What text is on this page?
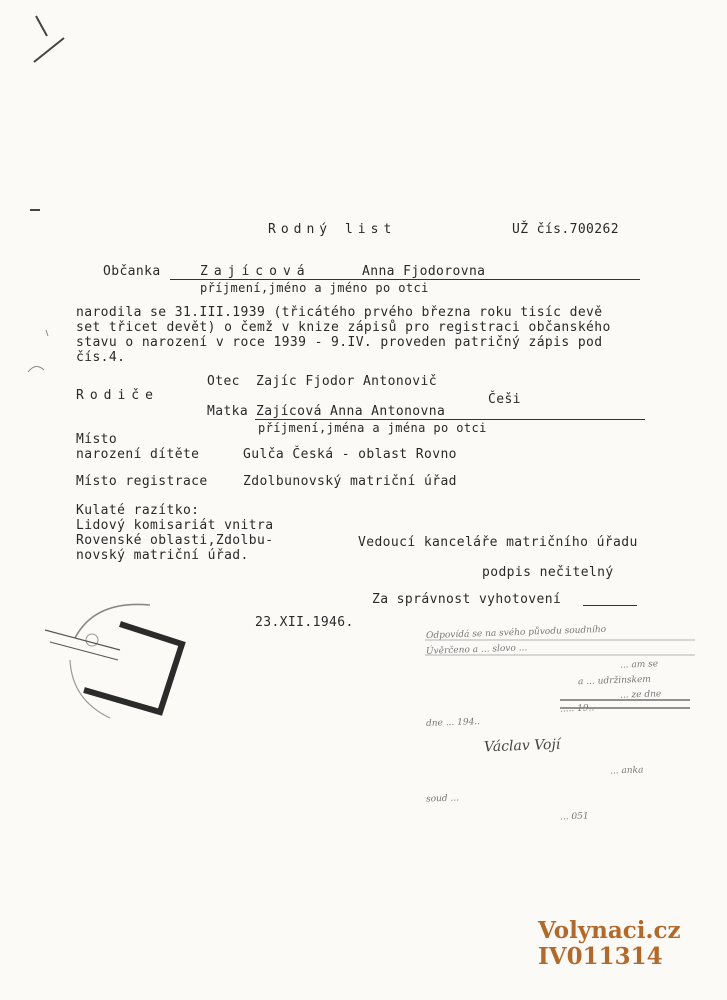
Rodný list	UŽ čís.700262
Občanka	Zajícová	Anna Fjodorovna
příjmení,jméno a jméno po otci
narodila se 31.III.1939 (třicátého prvého března roku tisíc devě
set třicet devět) o čemž v knize zápisů pro registraci občanského
stavu o narození v roce 1939 - 9.IV. proveden patričný zápis pod
čís.4.
Rodiče
Otec Zajíc Fjodor Antonovič
Češi
Matka Zajícová Anna Antonovna
příjmení,jména a jména po otci
Místo
narození dítěte	Gulča Česká - oblast Rovno
Místo registrace	Zdolbunovský matriční úřad
Kulaté razítko:
Lidový komisariát vnitra
Rovenské oblasti,Zdolbu-
novský matriční úřad.
Vedoucí kanceláře matričního úřadu
podpis nečitelný
Za správnost vyhotovení
23.XII.1946.
Odpovídá se na svého původu soudního
Úvěrčeno a ... slovo ...
... am se
a ... udržinskem
... ze dne
..... 19..
dne ... 194..
Václav Vojí
... anka
soud ...
... 051
Volynaci.cz
IV011314
